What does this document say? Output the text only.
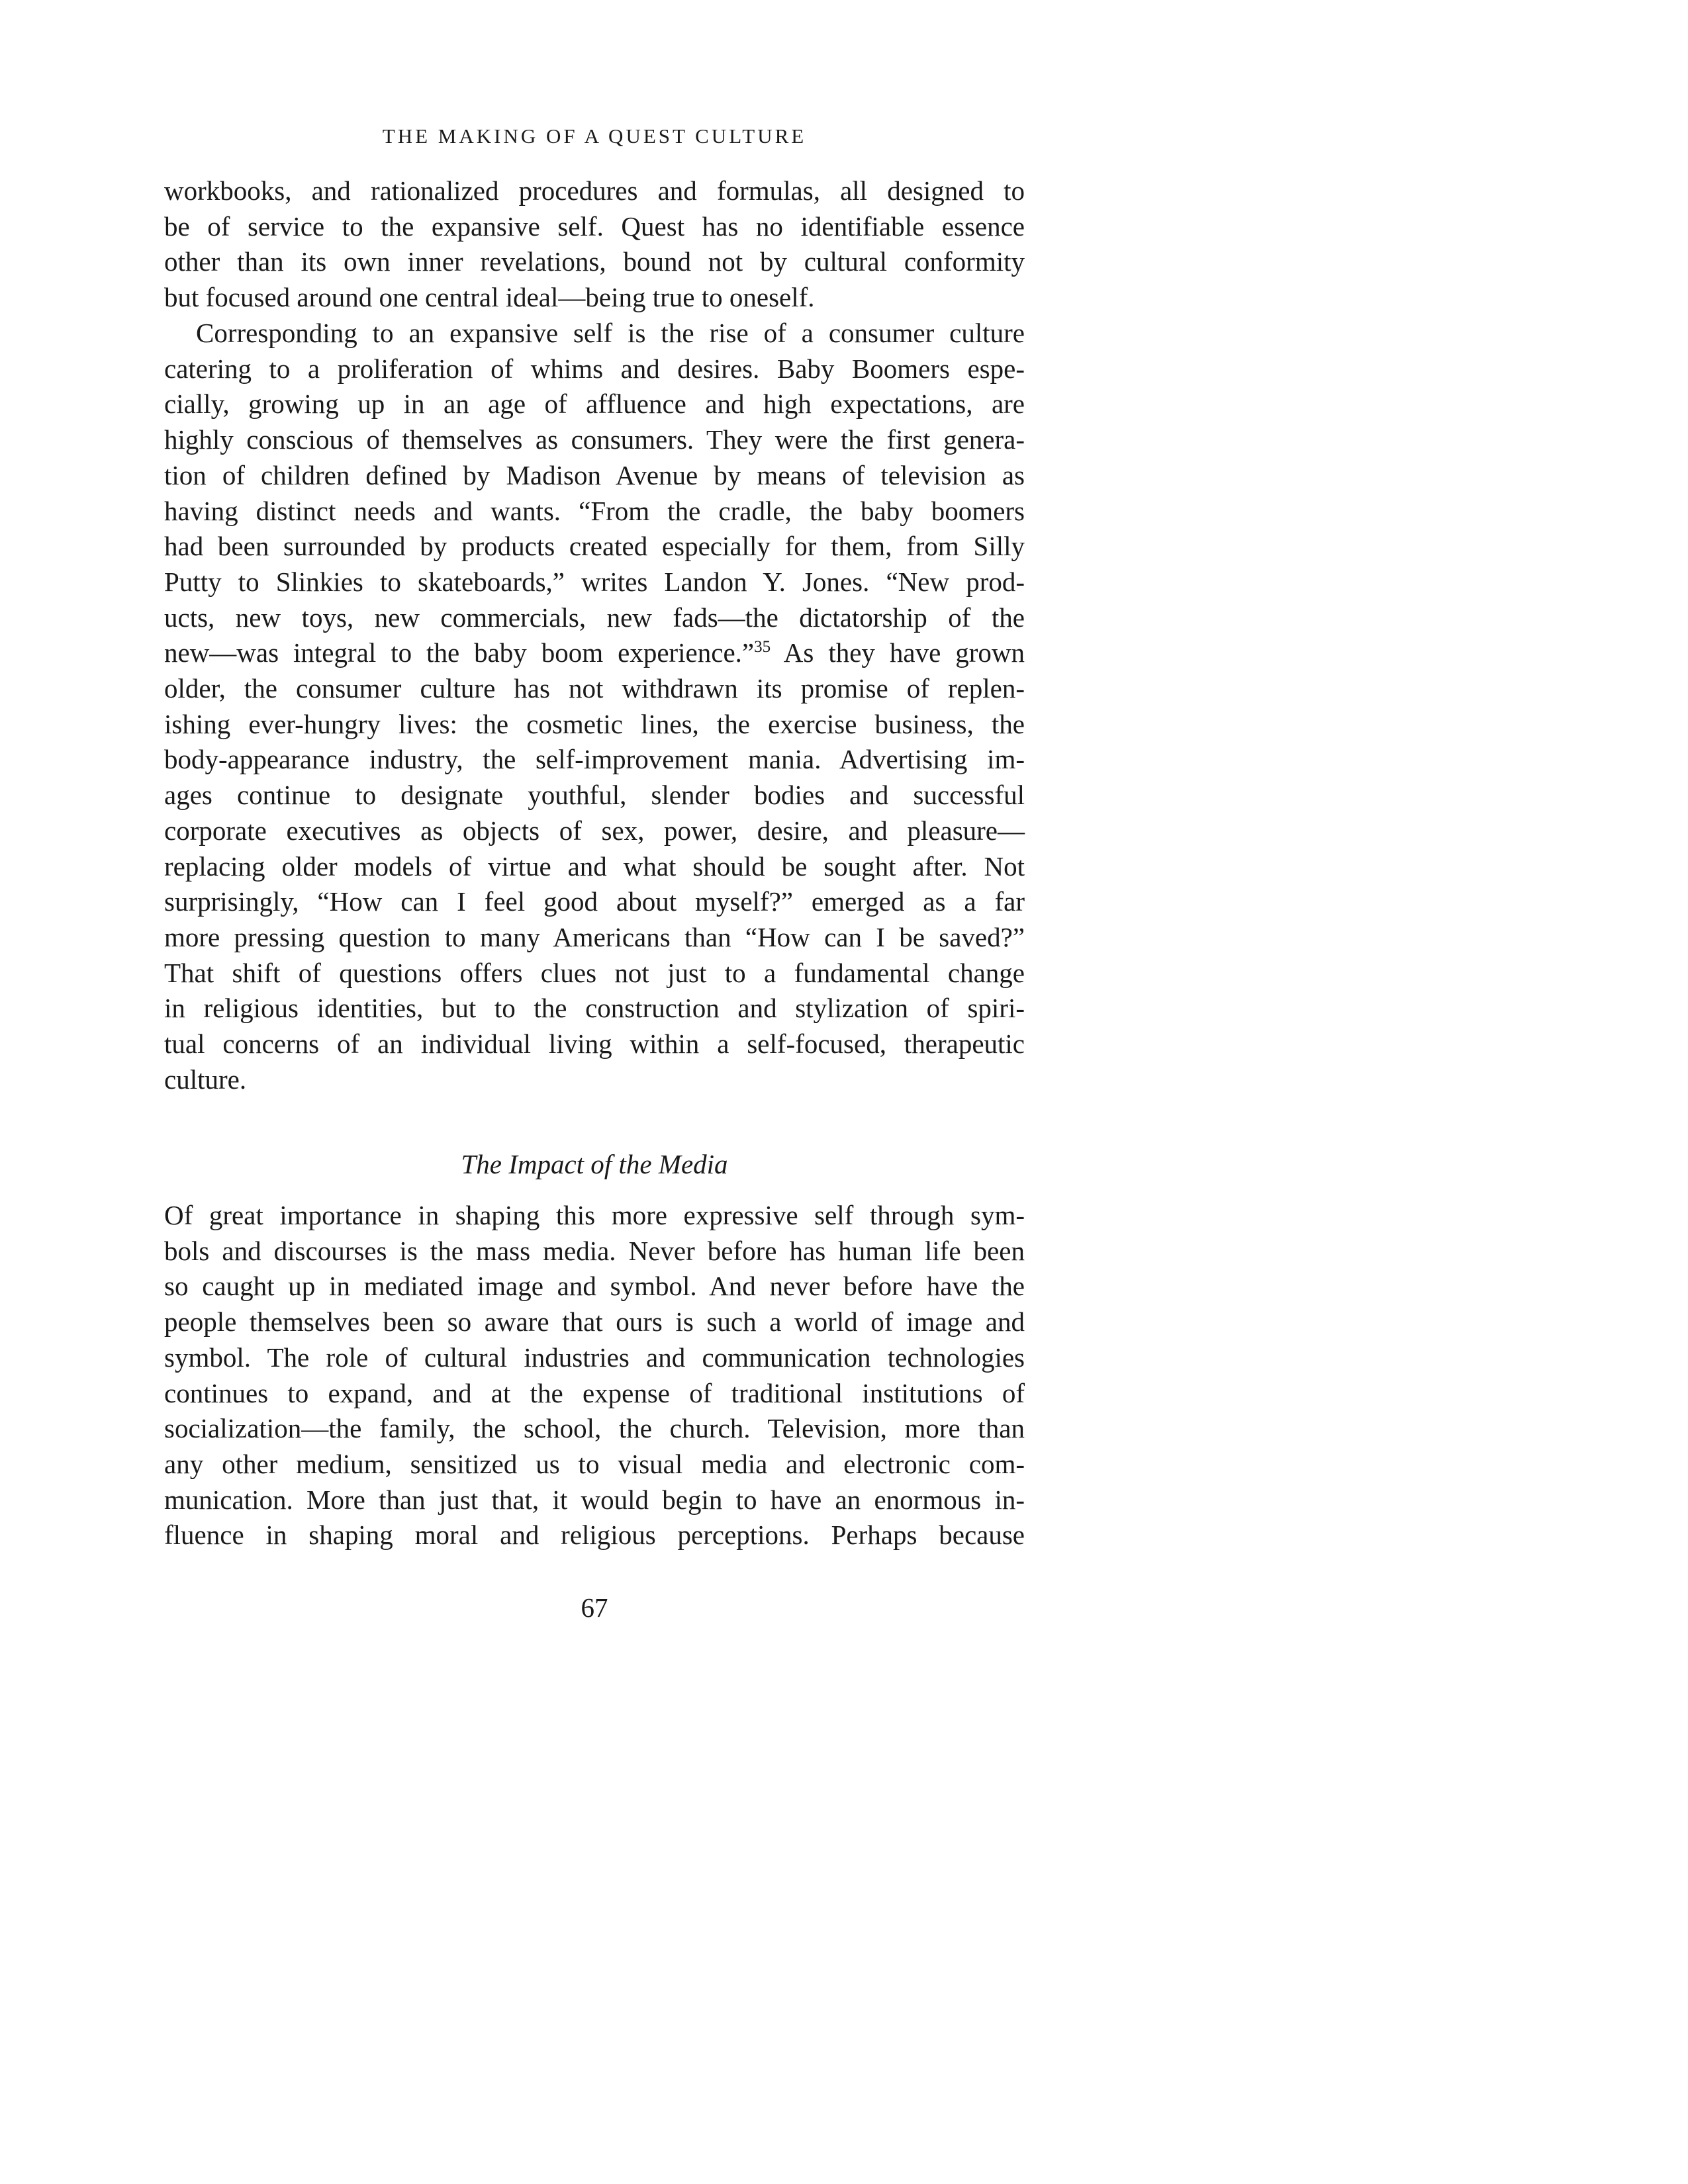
THE MAKING OF A QUEST CULTURE

workbooks, and rationalized procedures and formulas, all designed to
be of service to the expansive self. Quest has no identifiable essence
other than its own inner revelations, bound not by cultural conformity
but focused around one central ideal—being true to oneself.

Corresponding to an expansive self is the rise of a consumer culture
catering to a proliferation of whims and desires. Baby Boomers espe-
cially, growing up in an age of affluence and high expectations, are
highly conscious of themselves as consumers. They were the first genera-
tion of children defined by Madison Avenue by means of television as
having distinct needs and wants. “From the cradle, the baby boomers
had been surrounded by products created especially for them, from Silly
Putty to Slinkies to skateboards,” writes Landon Y. Jones. “New prod-
ucts, new toys, new commercials, new fads—the dictatorship of the
new—was integral to the baby boom experience.”$^{35}$ As they have grown
older, the consumer culture has not withdrawn its promise of replen-
ishing ever-hungry lives: the cosmetic lines, the exercise business, the
body-appearance industry, the self-improvement mania. Advertising im-
ages continue to designate youthful, slender bodies and successful
corporate executives as objects of sex, power, desire, and pleasure—
replacing older models of virtue and what should be sought after. Not
surprisingly, “How can I feel good about myself?” emerged as a far
more pressing question to many Americans than “How can I be saved?”
That shift of questions offers clues not just to a fundamental change
in religious identities, but to the construction and stylization of spiri-
tual concerns of an individual living within a self-focused, therapeutic
culture.

The Impact of the Media

Of great importance in shaping this more expressive self through sym-
bols and discourses is the mass media. Never before has human life been
so caught up in mediated image and symbol. And never before have the
people themselves been so aware that ours is such a world of image and
symbol. The role of cultural industries and communication technologies
continues to expand, and at the expense of traditional institutions of
socialization—the family, the school, the church. Television, more than
any other medium, sensitized us to visual media and electronic com-
munication. More than just that, it would begin to have an enormous in-
fluence in shaping moral and religious perceptions. Perhaps because

67
